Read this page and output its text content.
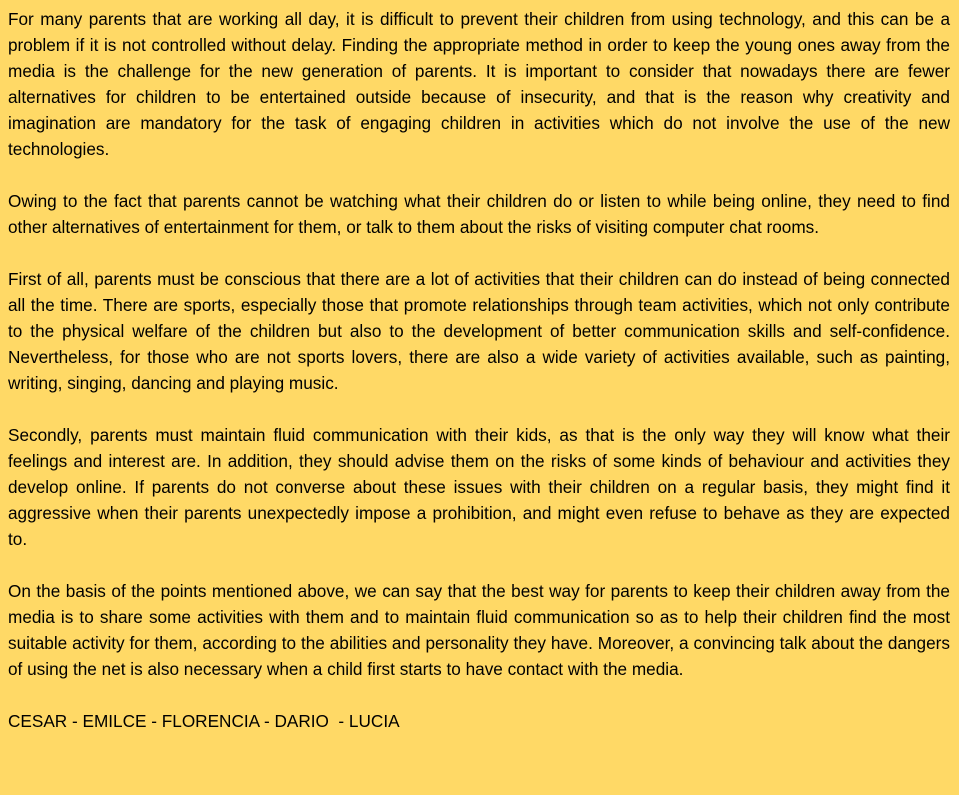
For many parents that are working all day, it is difficult to prevent their children from using technology, and this can be a problem if it is not controlled without delay. Finding the appropriate method in order to keep the young ones away from the media is the challenge for the new generation of parents. It is important to consider that nowadays there are fewer alternatives for children to be entertained outside because of insecurity, and that is the reason why creativity and imagination are mandatory for the task of engaging children in activities which do not involve the use of the new technologies.

Owing to the fact that parents cannot be watching what their children do or listen to while being online, they need to find other alternatives of entertainment for them, or talk to them about the risks of visiting computer chat rooms.

First of all, parents must be conscious that there are a lot of activities that their children can do instead of being connected all the time. There are sports, especially those that promote relationships through team activities, which not only contribute to the physical welfare of the children but also to the development of better communication skills and self-confidence. Nevertheless, for those who are not sports lovers, there are also a wide variety of activities available, such as painting, writing, singing, dancing and playing music.

Secondly, parents must maintain fluid communication with their kids, as that is the only way they will know what their feelings and interest are. In addition, they should advise them on the risks of some kinds of behaviour and activities they develop online. If parents do not converse about these issues with their children on a regular basis, they might find it aggressive when their parents unexpectedly impose a prohibition, and might even refuse to behave as they are expected to.

On the basis of the points mentioned above, we can say that the best way for parents to keep their children away from the media is to share some activities with them and to maintain fluid communication so as to help their children find the most suitable activity for them, according to the abilities and personality they have. Moreover, a convincing talk about the dangers of using the net is also necessary when a child first starts to have contact with the media.

CESAR - EMILCE - FLORENCIA - DARIO  - LUCIA
